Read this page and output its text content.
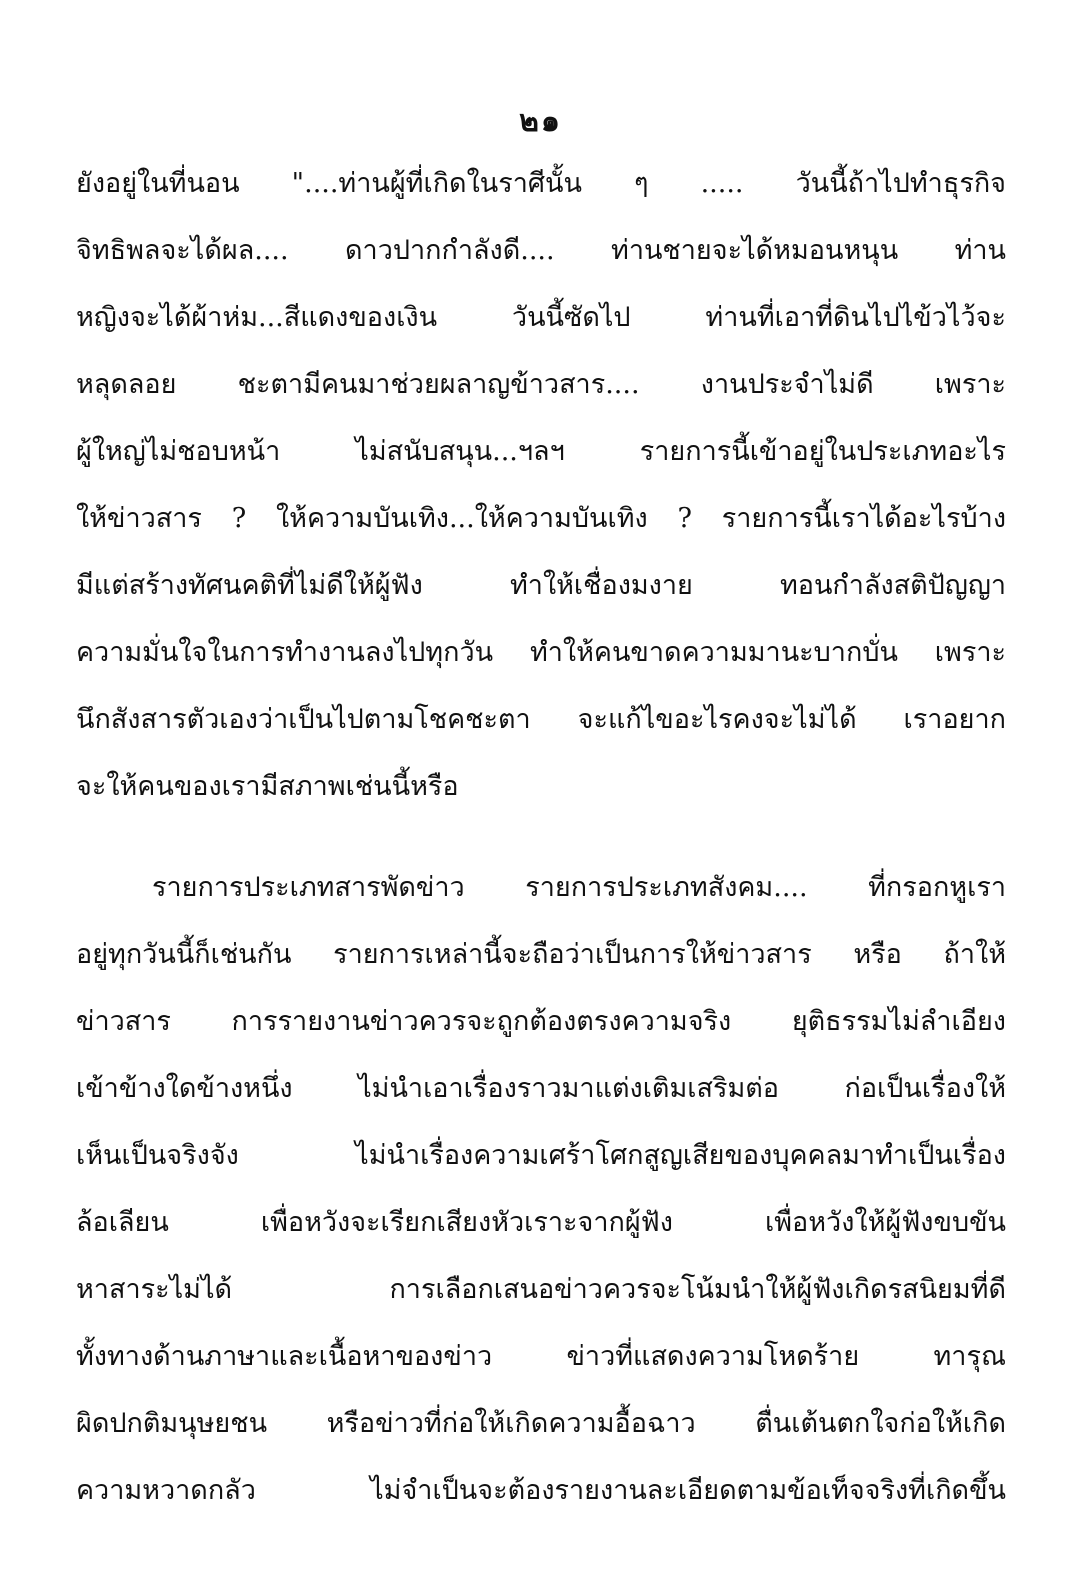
๒๑
ยังอยู่ในที่นอน "....ท่านผู้ที่เกิดในราศีนั้น ๆ ..... วันนี้ถ้าไปทำธุรกิจ
จิทธิพลจะได้ผล.... ดาวปากกำลังดี.... ท่านชายจะได้หมอนหนุน ท่าน
หญิงจะได้ผ้าห่ม...สีแดงของเงิน วันนี้ซัดไป ท่านที่เอาที่ดินไปไข้วไว้จะ
หลุดลอย ชะตามีคนมาช่วยผลาญข้าวสาร.... งานประจำไม่ดี เพราะ
ผู้ใหญ่ไม่ชอบหน้า ไม่สนับสนุน...ฯลฯ รายการนี้เข้าอยู่ในประเภทอะไร
ให้ข่าวสาร ? ให้ความบันเทิง...ให้ความบันเทิง ? รายการนี้เราได้อะไรบ้าง
มีแต่สร้างทัศนคติที่ไม่ดีให้ผู้ฟัง ทำให้เชื่องมงาย ทอนกำลังสติปัญญา
ความมั่นใจในการทำงานลงไปทุกวัน ทำให้คนขาดความมานะบากบั่น เพราะ
นึกสังสารตัวเองว่าเป็นไปตามโชคชะตา จะแก้ไขอะไรคงจะไม่ได้ เราอยาก
จะให้คนของเรามีสภาพเช่นนี้หรือ
รายการประเภทสารพัดข่าว รายการประเภทสังคม.... ที่กรอกหูเรา
อยู่ทุกวันนี้ก็เช่นกัน รายการเหล่านี้จะถือว่าเป็นการให้ข่าวสาร หรือ ถ้าให้
ข่าวสาร การรายงานข่าวควรจะถูกต้องตรงความจริง ยุติธรรมไม่ลำเอียง
เข้าข้างใดข้างหนึ่ง ไม่นำเอาเรื่องราวมาแต่งเติมเสริมต่อ ก่อเป็นเรื่องให้
เห็นเป็นจริงจัง ไม่นำเรื่องความเศร้าโศกสูญเสียของบุคคลมาทำเป็นเรื่อง
ล้อเลียน เพื่อหวังจะเรียกเสียงหัวเราะจากผู้ฟัง เพื่อหวังให้ผู้ฟังขบขัน
หาสาระไม่ได้ การเลือกเสนอข่าวควรจะโน้มนำให้ผู้ฟังเกิดรสนิยมที่ดี
ทั้งทางด้านภาษาและเนื้อหาของข่าว ข่าวที่แสดงความโหดร้าย ทารุณ
ผิดปกติมนุษยชน หรือข่าวที่ก่อให้เกิดความอื้อฉาว ตื่นเต้นตกใจก่อให้เกิด
ความหวาดกลัว ไม่จำเป็นจะต้องรายงานละเอียดตามข้อเท็จจริงที่เกิดขึ้น
